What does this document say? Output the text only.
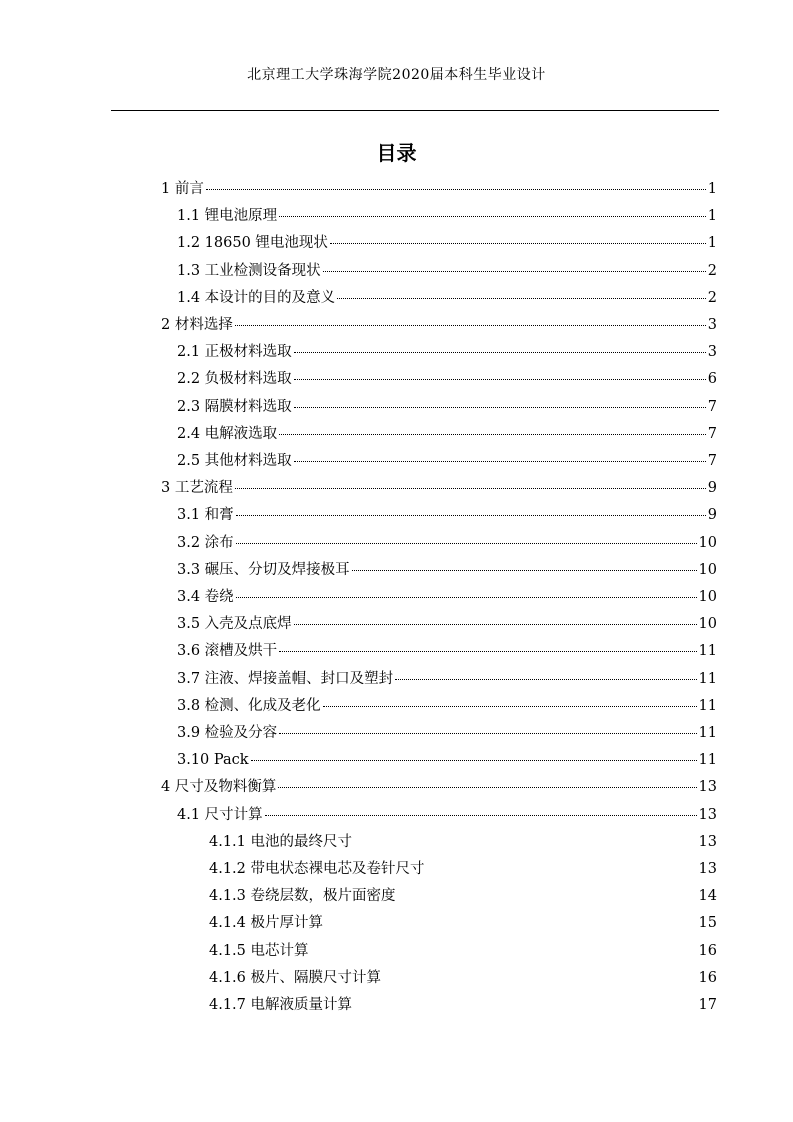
北京理工大学珠海学院2020届本科生毕业设计
目录
1 前言	1
1.1 锂电池原理	1
1.2 18650 锂电池现状	1
1.3 工业检测设备现状	2
1.4 本设计的目的及意义	2
2 材料选择	3
2.1 正极材料选取	3
2.2 负极材料选取	6
2.3 隔膜材料选取	7
2.4 电解液选取	7
2.5 其他材料选取	7
3 工艺流程	9
3.1 和膏	9
3.2 涂布	10
3.3 碾压、分切及焊接极耳	10
3.4 卷绕	10
3.5 入壳及点底焊	10
3.6 滚槽及烘干	11
3.7 注液、焊接盖帽、封口及塑封	11
3.8 检测、化成及老化	11
3.9 检验及分容	11
3.10 Pack	11
4 尺寸及物料衡算	13
4.1 尺寸计算	13
4.1.1 电池的最终尺寸	13
4.1.2 带电状态裸电芯及卷针尺寸	13
4.1.3 卷绕层数，极片面密度	14
4.1.4 极片厚计算	15
4.1.5 电芯计算	16
4.1.6 极片、隔膜尺寸计算	16
4.1.7 电解液质量计算	17
